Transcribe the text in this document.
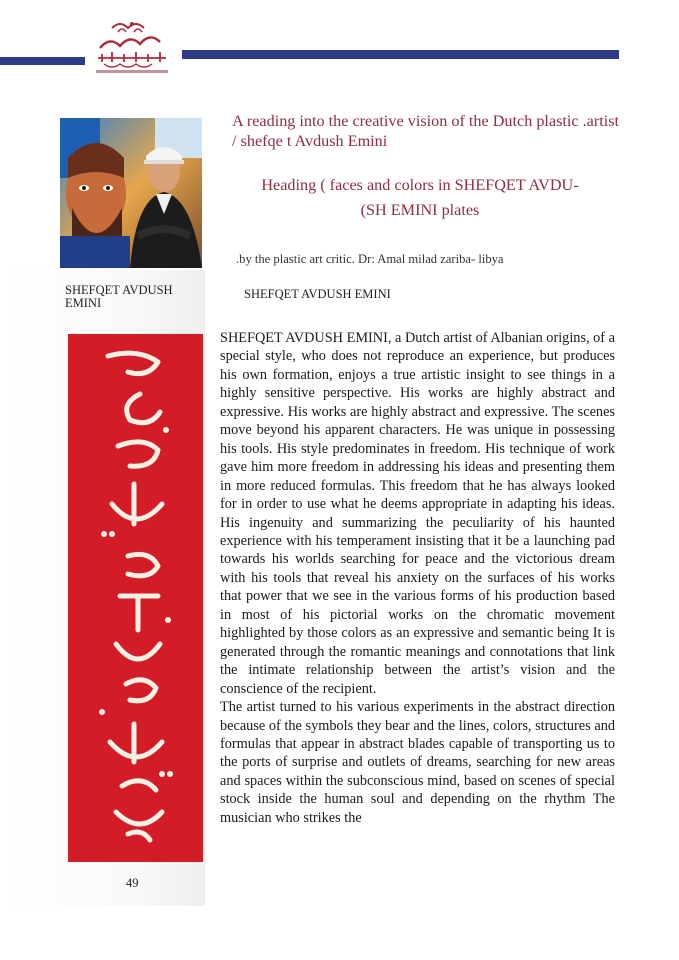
SHEFQET AVDUSH EMINI
A reading into the creative vision of the Dutch plastic .artist / shefqe t Avdush Emini
Heading ( faces and colors in SHEFQET AVDU-
(SH EMINI plates
.by the plastic art critic. Dr: Amal milad zariba- libya
SHEFQET AVDUSH EMINI
49

SHEFQET AVDUSH EMINI, a Dutch artist of Albanian origins, of a special style, who does not reproduce an experience, but produces his own formation, enjoys a true artistic insight to see things in a highly sensitive perspective. His works are highly abstract and expressive. His works are highly abstract and expressive. The scenes move beyond his apparent characters. He was unique in possessing his tools. His style predominates in freedom. His technique of work gave him more freedom in addressing his ideas and presenting them in more reduced formulas. This freedom that he has always looked for in order to use what he deems appropriate in adapting his ideas. His ingenuity and summarizing the peculiarity of his haunted experience with his temperament insisting that it be a launching pad towards his worlds searching for peace and the victorious dream with his tools that reveal his anxiety on the surfaces of his works that power that we see in the various forms of his production based in most of his pictorial works on the chromatic movement highlighted by those colors as an expressive and semantic being It is generated through the romantic meanings and connotations that link the intimate relationship between the artist’s vision and the conscience of the recipient.

The artist turned to his various experiments in the abstract direction because of the symbols they bear and the lines, colors, structures and formulas that appear in abstract blades capable of transporting us to the ports of surprise and outlets of dreams, searching for new areas and spaces within the subconscious mind, based on scenes of special stock inside the human soul and depending on the rhythm The musician who strikes the
